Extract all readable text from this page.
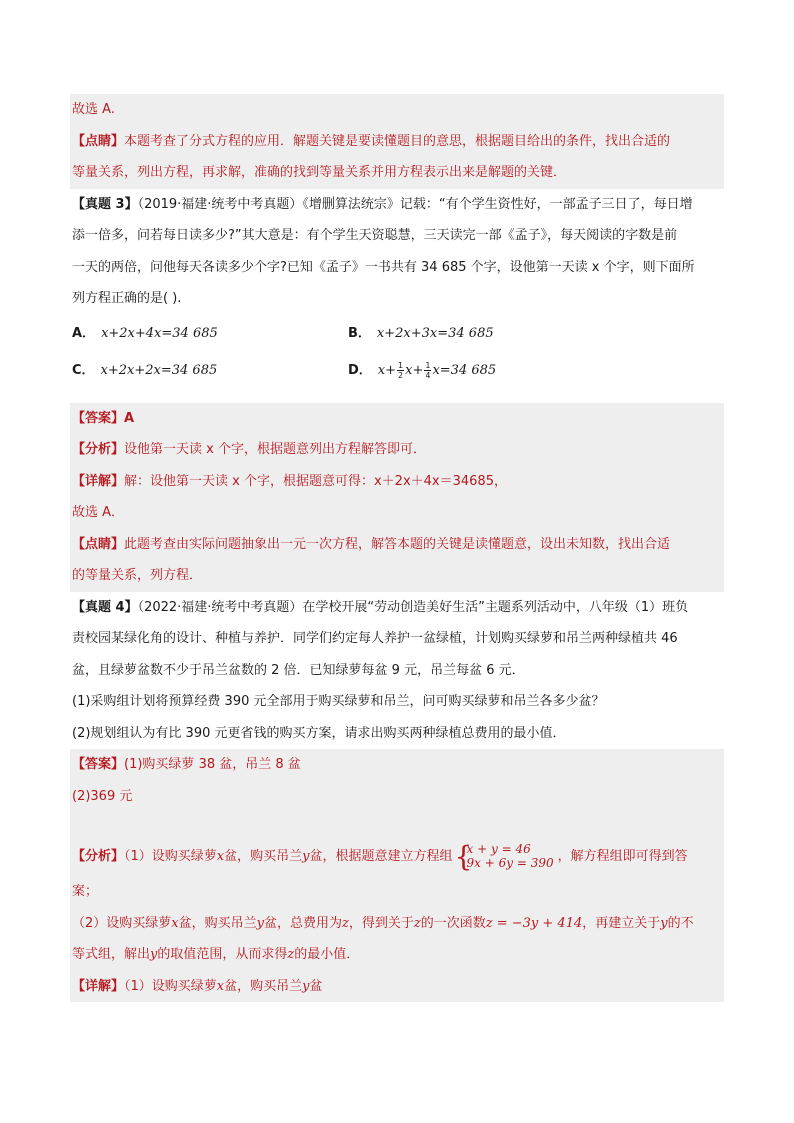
故选 A.
【点睛】本题考查了分式方程的应用．解题关键是要读懂题目的意思，根据题目给出的条件，找出合适的
等量关系，列出方程，再求解，准确的找到等量关系并用方程表示出来是解题的关键．
【真题 3】（2019·福建·统考中考真题）《增删算法统宗》记载：“有个学生资性好，一部孟子三日了，每日增
添一倍多，问若每日读多少?”其大意是：有个学生天资聪慧，三天读完一部《孟子》，每天阅读的字数是前
一天的两倍，问他每天各读多少个字?已知《孟子》一书共有 34 685 个字，设他第一天读 x 个字，则下面所
列方程正确的是( ).
A． x+2x+4x=34 685	B． x+2x+3x=34 685
C． x+2x+2x=34 685	D． $x+ \frac{1}{2} x+ \frac{1}{4} x=34$ 685
【答案】A
【分析】设他第一天读 x 个字，根据题意列出方程解答即可．
【详解】解：设他第一天读 x 个字，根据题意可得：x＋2x＋4x＝34685，
故选 A．
【点睛】此题考查由实际问题抽象出一元一次方程，解答本题的关键是读懂题意，设出未知数，找出合适
的等量关系，列方程．
【真题 4】（2022·福建·统考中考真题）在学校开展“劳动创造美好生活”主题系列活动中，八年级（1）班负
责校园某绿化角的设计、种植与养护．同学们约定每人养护一盆绿植，计划购买绿萝和吊兰两种绿植共 46
盆，且绿萝盆数不少于吊兰盆数的 2 倍．已知绿萝每盆 9 元，吊兰每盆 6 元．
(1)采购组计划将预算经费 390 元全部用于购买绿萝和吊兰，问可购买绿萝和吊兰各多少盆？
(2)规划组认为有比 390 元更省钱的购买方案，请求出购买两种绿植总费用的最小值．
【答案】(1)购买绿萝 38 盆，吊兰 8 盆
(2)369 元
【分析】（1）设购买绿萝x盆，购买吊兰y盆，根据题意建立方程组 {
x + y = 46
9x + 6y = 390 ，解方程组即可得到答
案；
（2）设购买绿萝x盆，购买吊兰y盆，总费用为z，得到关于z的一次函数z = −3y + 414，再建立关于y的不
等式组，解出y的取值范围，从而求得z的最小值．
【详解】（1）设购买绿萝x盆，购买吊兰y盆
